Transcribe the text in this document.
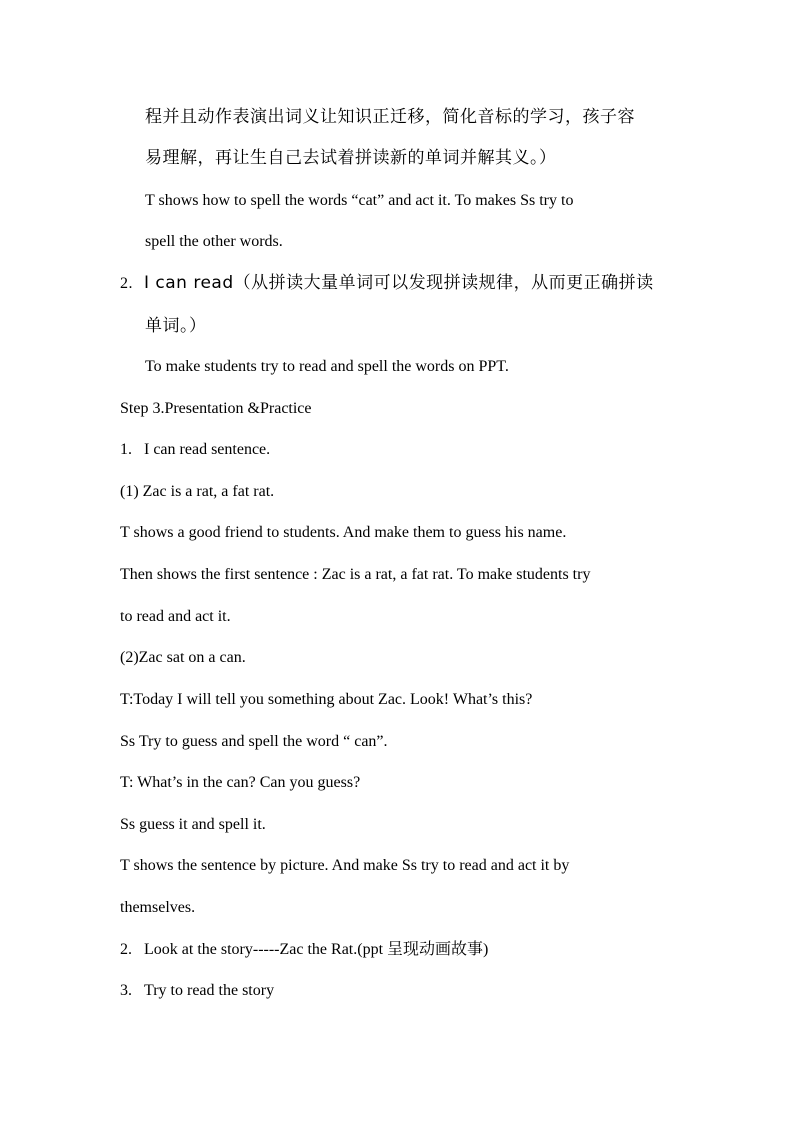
程并且动作表演出词义让知识正迁移，简化音标的学习，孩子容
易理解，再让生自己去试着拼读新的单词并解其义。）
T shows how to spell the words “cat” and act it. To makes Ss try to
spell the other words.
2. I can read（从拼读大量单词可以发现拼读规律，从而更正确拼读
单词。）
To make students try to read and spell the words on PPT.
Step 3.Presentation &Practice
1. I can read sentence.
(1) Zac is a rat, a fat rat.
T shows a good friend to students. And make them to guess his name.
Then shows the first sentence : Zac is a rat, a fat rat. To make students try
to read and act it.
(2)Zac sat on a can.
T:Today I will tell you something about Zac. Look! What’s this?
Ss Try to guess and spell the word “ can”.
T: What’s in the can? Can you guess?
Ss guess it and spell it.
T shows the sentence by picture. And make Ss try to read and act it by
themselves.
2. Look at the story-----Zac the Rat.(ppt 呈现动画故事)
3. Try to read the story
